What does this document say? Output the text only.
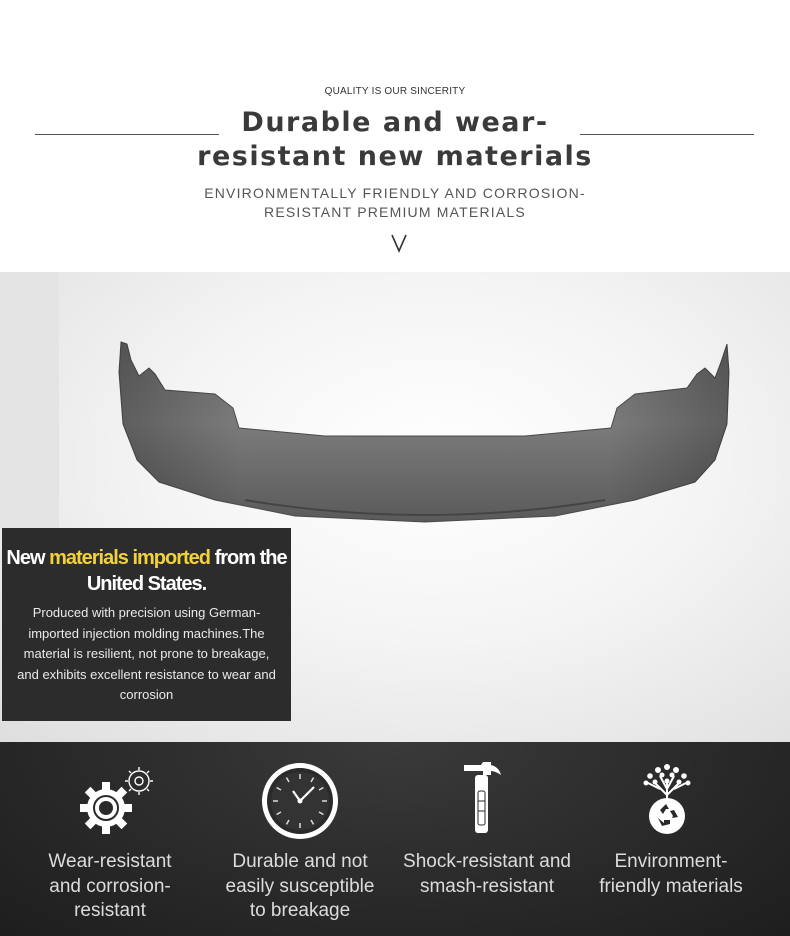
QUALITY IS OUR SINCERITY
Durable and wear-
resistant new materials
ENVIRONMENTALLY FRIENDLY AND CORROSION-
RESISTANT PREMIUM MATERIALS
New materials imported from the United States.

Produced with precision using German-imported injection molding machines.The material is resilient, not prone to breakage, and exhibits excellent resistance to wear and corrosion

Wear-resistant
and corrosion-
resistant
Durable and not
easily susceptible
to breakage
Shock-resistant and
smash-resistant
Environment-
friendly materials
